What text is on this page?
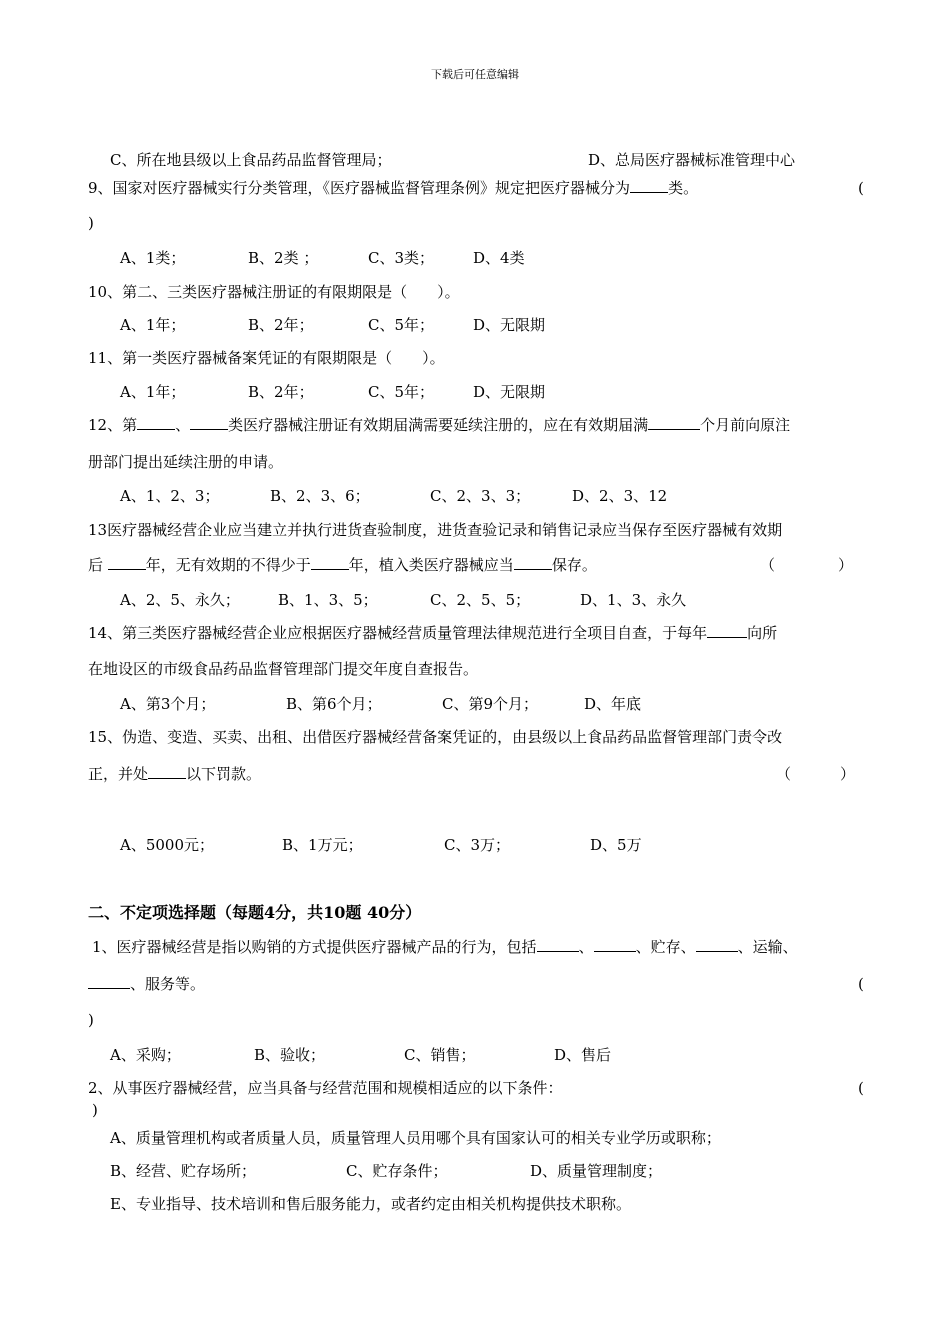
下载后可任意编辑
C、所在地县级以上食品药品监督管理局；	D、总局医疗器械标准管理中心
9、国家对医疗器械实行分类管理，《医疗器械监督管理条例》规定把医疗器械分为	类。	(
)
A、1类；	B、2类 ；	C、3类；	D、4类
10、第二、三类医疗器械注册证的有限期限是（　　）。
A、1年；	B、2年；	C、5年；	D、无限期
11、第一类医疗器械备案凭证的有限期限是（　　）。
A、1年；	B、2年；	C、5年；	D、无限期
12、第	、	类医疗器械注册证有效期届满需要延续注册的，应在有效期届满	个月前向原注
册部门提出延续注册的申请。
A、1、2、3；	B、2、3、6；	C、2、3、3；	D、2、3、12
13医疗器械经营企业应当建立并执行进货查验制度，进货查验记录和销售记录应当保存至医疗器械有效期
后	年，无有效期的不得少于	年，植入类医疗器械应当	保存。	（	）
A、2、5、永久；	B、1、3、5；	C、2、5、5；	D、1、3、永久
14、第三类医疗器械经营企业应根据医疗器械经营质量管理法律规范进行全项目自查，于每年	向所
在地设区的市级食品药品监督管理部门提交年度自查报告。
A、第3个月；	B、第6个月；	C、第9个月；	D、年底
15、伪造、变造、买卖、出租、出借医疗器械经营备案凭证的，由县级以上食品药品监督管理部门责令改
正，并处	以下罚款。	（	）
A、5000元；	B、1万元；	C、3万；	D、5万
二、不定项选择题（每题4分，共10题 40分）
1、医疗器械经营是指以购销的方式提供医疗器械产品的行为，包括	、	、贮存、	、运输、
、服务等。	(
)
A、采购；	B、验收；	C、销售；	D、售后
2、从事医疗器械经营，应当具备与经营范围和规模相适应的以下条件：	(
)
A、质量管理机构或者质量人员，质量管理人员用哪个具有国家认可的相关专业学历或职称；
B、经营、贮存场所；	C、贮存条件；	D、质量管理制度；
E、专业指导、技术培训和售后服务能力，或者约定由相关机构提供技术职称。
